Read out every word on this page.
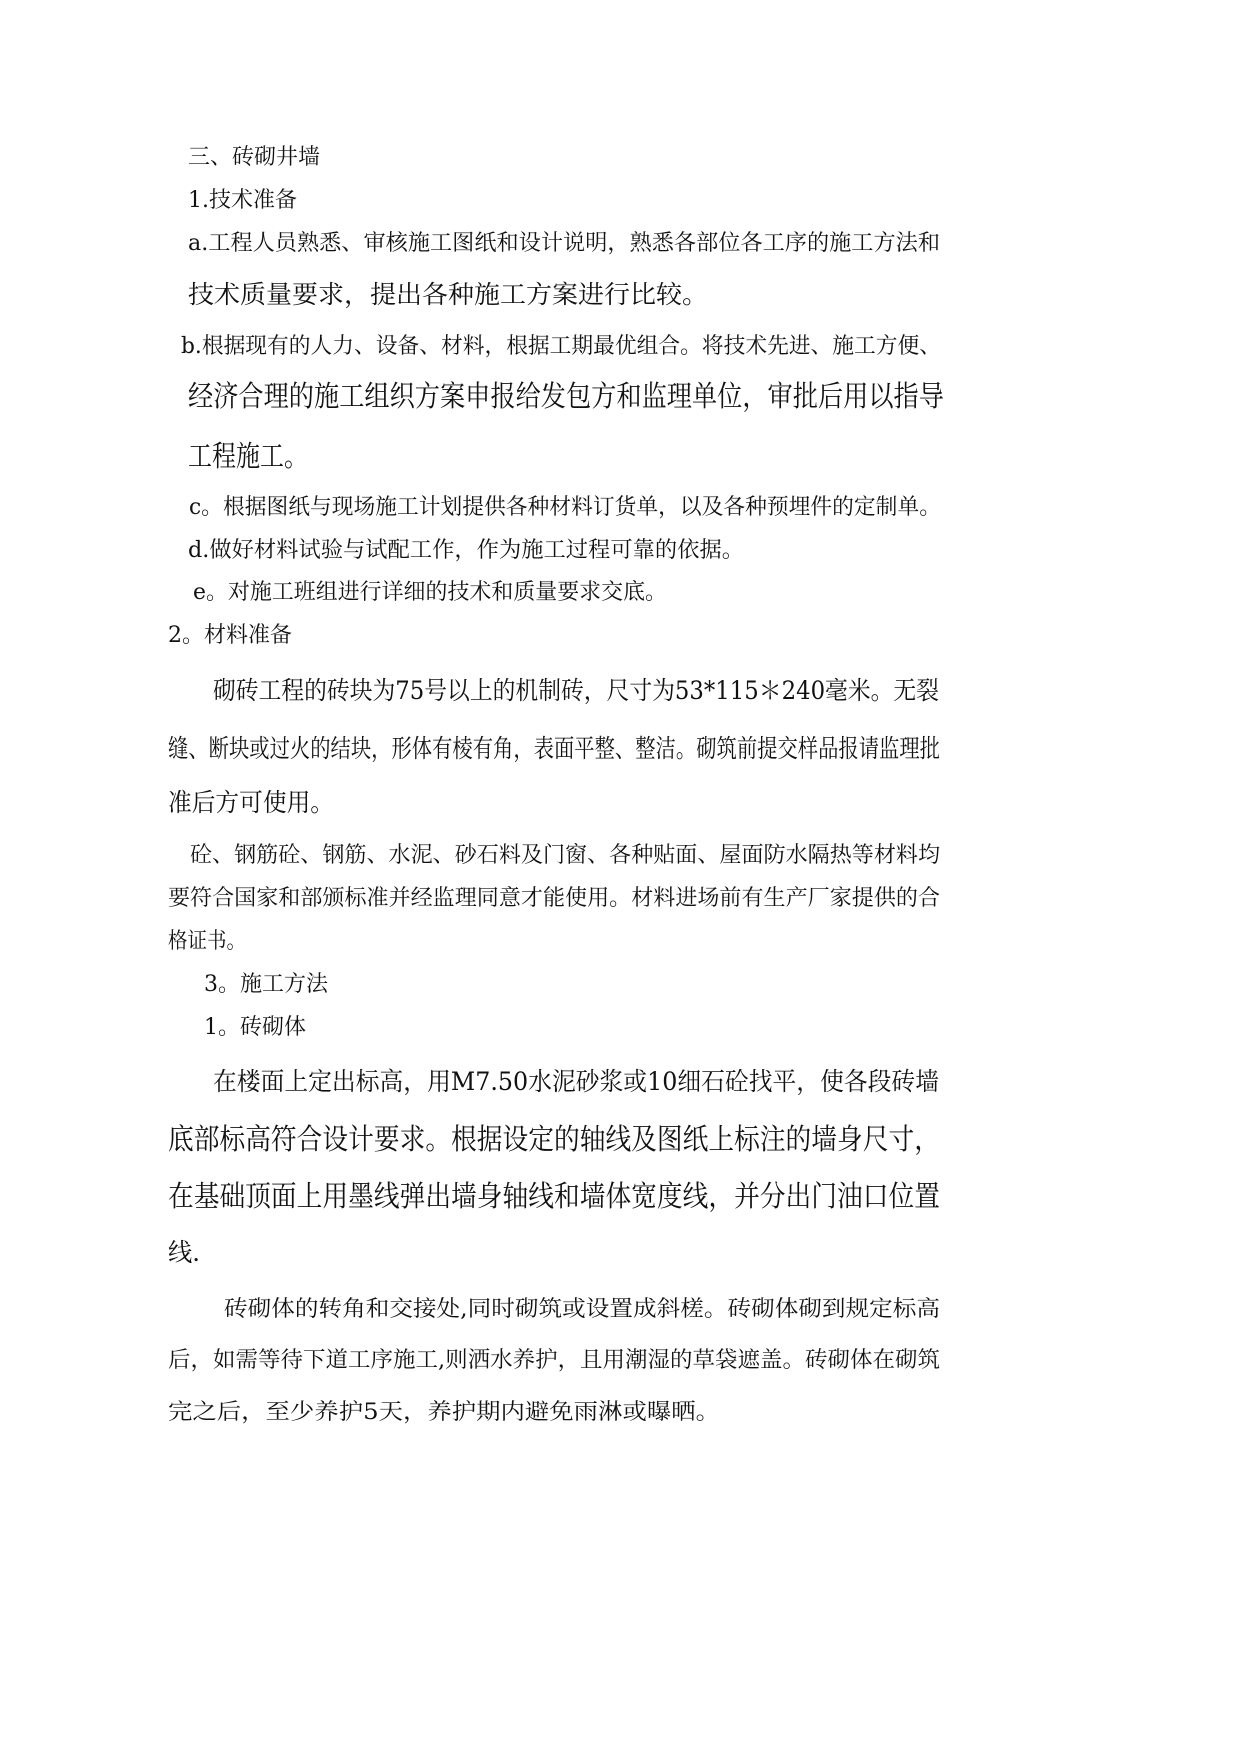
三、砖砌井墙
1.技术准备
a.工程人员熟悉、审核施工图纸和设计说明，熟悉各部位各工序的施工方法和
技术质量要求，提出各种施工方案进行比较。
b.根据现有的人力、设备、材料，根据工期最优组合。将技术先进、施工方便、
经济合理的施工组织方案申报给发包方和监理单位，审批后用以指导
工程施工。
c。根据图纸与现场施工计划提供各种材料订货单，以及各种预埋件的定制单。
d.做好材料试验与试配工作，作为施工过程可靠的依据。
e。对施工班组进行详细的技术和质量要求交底。
2。材料准备
砌砖工程的砖块为75号以上的机制砖，尺寸为53*115＊240毫米。无裂
缝、断块或过火的结块，形体有棱有角，表面平整、整洁。砌筑前提交样品报请监理批
准后方可使用。
砼、钢筋砼、钢筋、水泥、砂石料及门窗、各种贴面、屋面防水隔热等材料均
要符合国家和部颁标准并经监理同意才能使用。材料进场前有生产厂家提供的合
格证书。
3。施工方法
1。砖砌体
在楼面上定出标高，用M7.50水泥砂浆或10细石砼找平，使各段砖墙
底部标高符合设计要求。根据设定的轴线及图纸上标注的墙身尺寸，
在基础顶面上用墨线弹出墙身轴线和墙体宽度线，并分出门油口位置
线.
砖砌体的转角和交接处,同时砌筑或设置成斜槎。砖砌体砌到规定标高
后，如需等待下道工序施工,则洒水养护，且用潮湿的草袋遮盖。砖砌体在砌筑
完之后，至少养护5天，养护期内避免雨淋或曝晒。
